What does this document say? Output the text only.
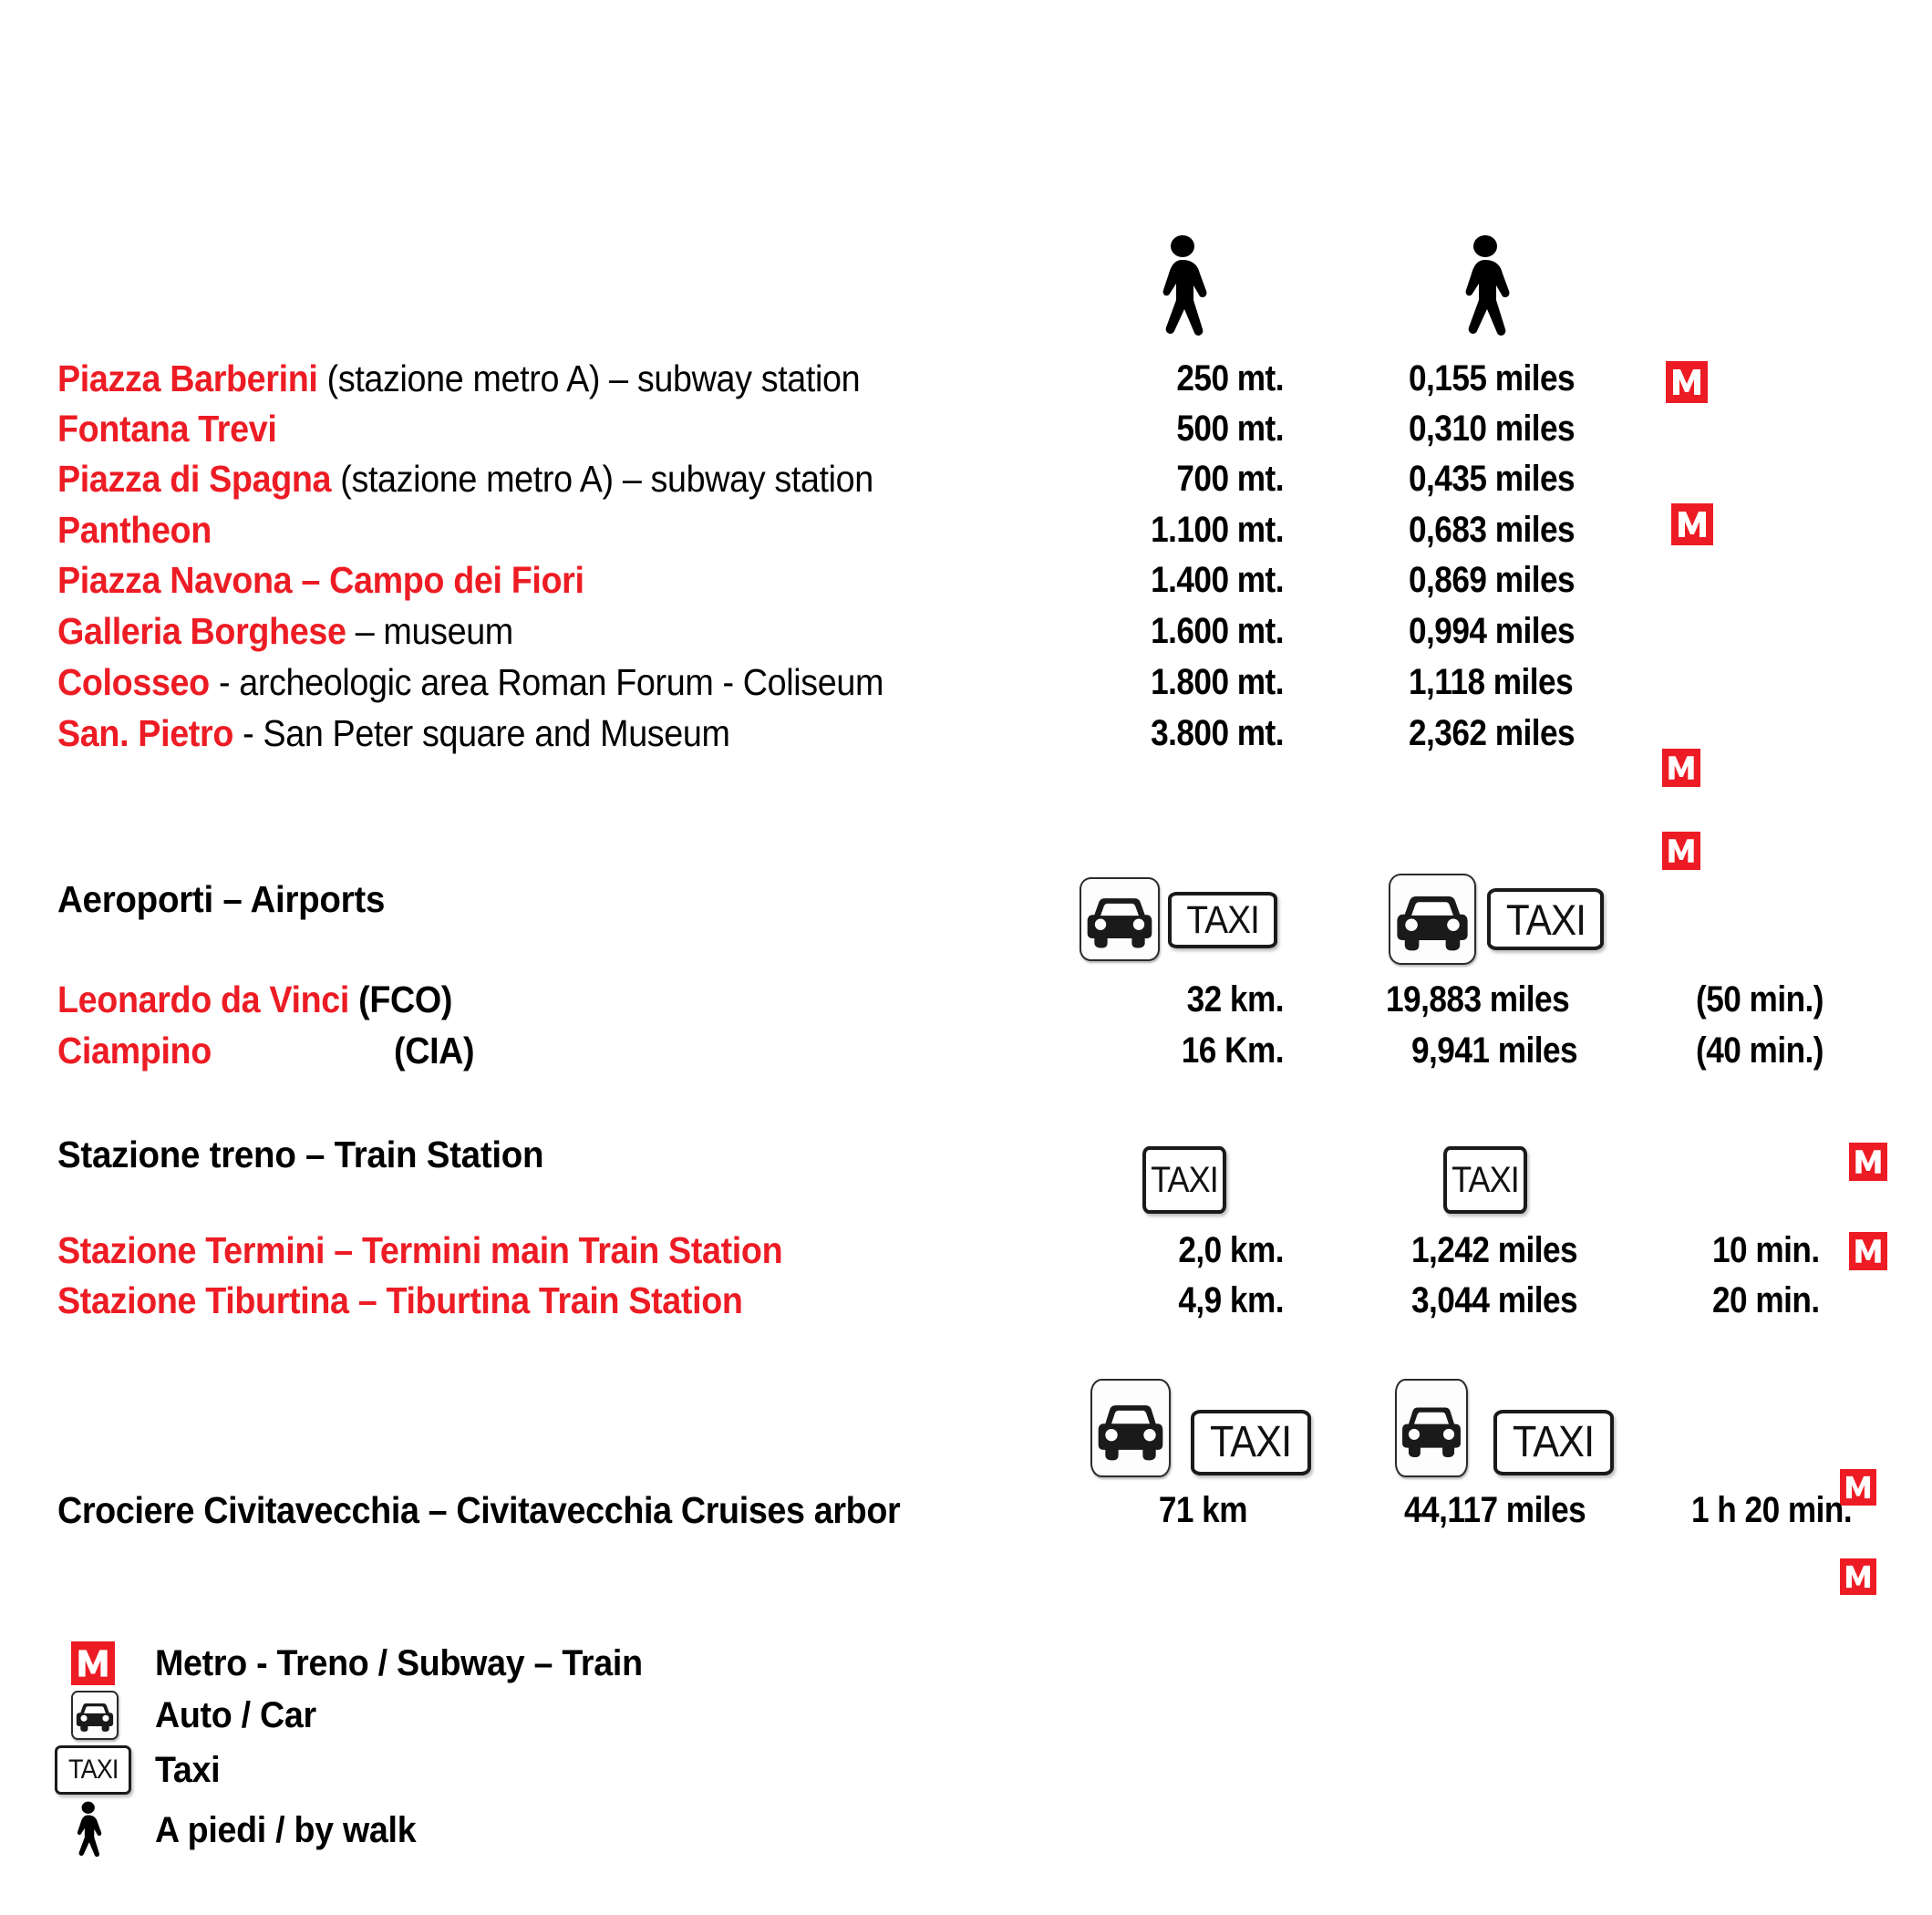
Piazza Barberini (stazione metro A) – subway station	250 mt.	0,155 miles
Fontana Trevi	500 mt.	0,310 miles
Piazza di Spagna (stazione metro A) – subway station	700 mt.	0,435 miles
Pantheon	1.100 mt.	0,683 miles
Piazza Navona – Campo dei Fiori	1.400 mt.	0,869 miles
Galleria Borghese – museum	1.600 mt.	0,994 miles
Colosseo - archeologic area Roman Forum - Coliseum	1.800 mt.	1,118 miles
San. Pietro - San Peter square and Museum	3.800 mt.	2,362 miles
Aeroporti – Airports	TAXI	TAXI
Leonardo da Vinci (FCO)	32 km.	19,883 miles	(50 min.)
Ciampino	(CIA)	16 Km.	9,941 miles	(40 min.)
Stazione treno – Train Station
TAXI	TAXI
Stazione Termini – Termini main Train Station	2,0 km.	1,242 miles	10 min.
Stazione Tiburtina – Tiburtina Train Station	4,9 km.	3,044 miles	20 min.
TAXI	TAXI
Crociere Civitavecchia – Civitavecchia Cruises arbor	71 km	44,117 miles	1 h 20 min.
Metro - Treno / Subway – Train
Auto / Car
TAXI Taxi
A piedi / by walk
